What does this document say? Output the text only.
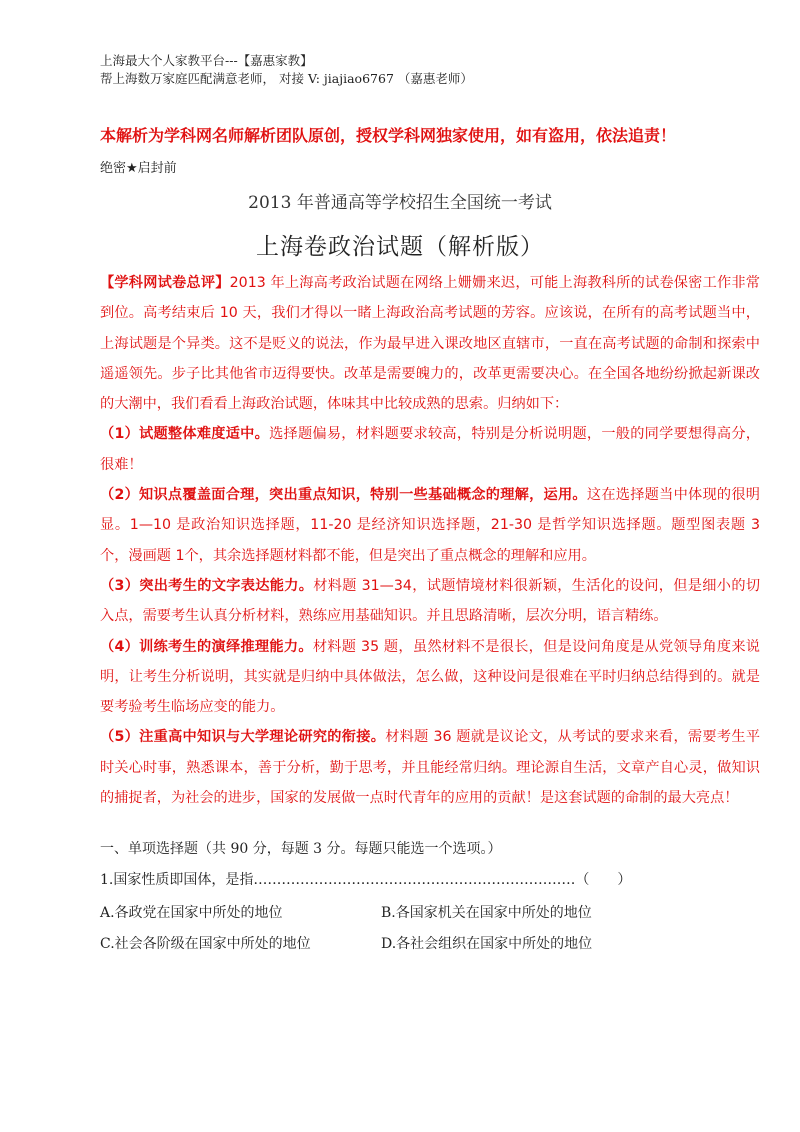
上海最大个人家教平台---【嘉惠家教】
帮上海数万家庭匹配满意老师， 对接 V: jiajiao6767 （嘉惠老师）
本解析为学科网名师解析团队原创，授权学科网独家使用，如有盗用，依法追责！
绝密★启封前
2013 年普通高等学校招生全国统一考试
上海卷政治试题（解析版）

【学科网试卷总评】2013 年上海高考政治试题在网络上姗姗来迟，可能上海教科所的试卷保密工作非常到位。高考结束后 10 天，我们才得以一睹上海政治高考试题的芳容。应该说，在所有的高考试题当中，上海试题是个异类。这不是贬义的说法，作为最早进入课改地区直辖市，一直在高考试题的命制和探索中遥遥领先。步子比其他省市迈得要快。改革是需要魄力的，改革更需要决心。在全国各地纷纷掀起新课改的大潮中，我们看看上海政治试题，体味其中比较成熟的思索。归纳如下：

（1）试题整体难度适中。选择题偏易，材料题要求较高，特别是分析说明题，一般的同学要想得高分，很难！

（2）知识点覆盖面合理，突出重点知识，特别一些基础概念的理解，运用。这在选择题当中体现的很明显。1—10 是政治知识选择题，11-20 是经济知识选择题，21-30 是哲学知识选择题。题型图表题 3 个，漫画题 1个，其余选择题材料都不能，但是突出了重点概念的理解和应用。

（3）突出考生的文字表达能力。材料题 31—34，试题情境材料很新颖，生活化的设问，但是细小的切入点，需要考生认真分析材料，熟练应用基础知识。并且思路清晰，层次分明，语言精练。

（4）训练考生的演绎推理能力。材料题 35 题，虽然材料不是很长，但是设问角度是从党领导角度来说明，让考生分析说明，其实就是归纳中具体做法，怎么做，这种设问是很难在平时归纳总结得到的。就是要考验考生临场应变的能力。

（5）注重高中知识与大学理论研究的衔接。材料题 36 题就是议论文，从考试的要求来看，需要考生平时关心时事，熟悉课本，善于分析，勤于思考，并且能经常归纳。理论源自生活，文章产自心灵，做知识的捕捉者，为社会的进步，国家的发展做一点时代青年的应用的贡献！是这套试题的命制的最大亮点！

一、单项选择题（共 90 分，每题 3 分。每题只能选一个选项。）
1.国家性质即国体，是指……………………………………………………………（　　）
A.各政党在国家中所处的地位	B.各国家机关在国家中所处的地位
C.社会各阶级在国家中所处的地位	D.各社会组织在国家中所处的地位
